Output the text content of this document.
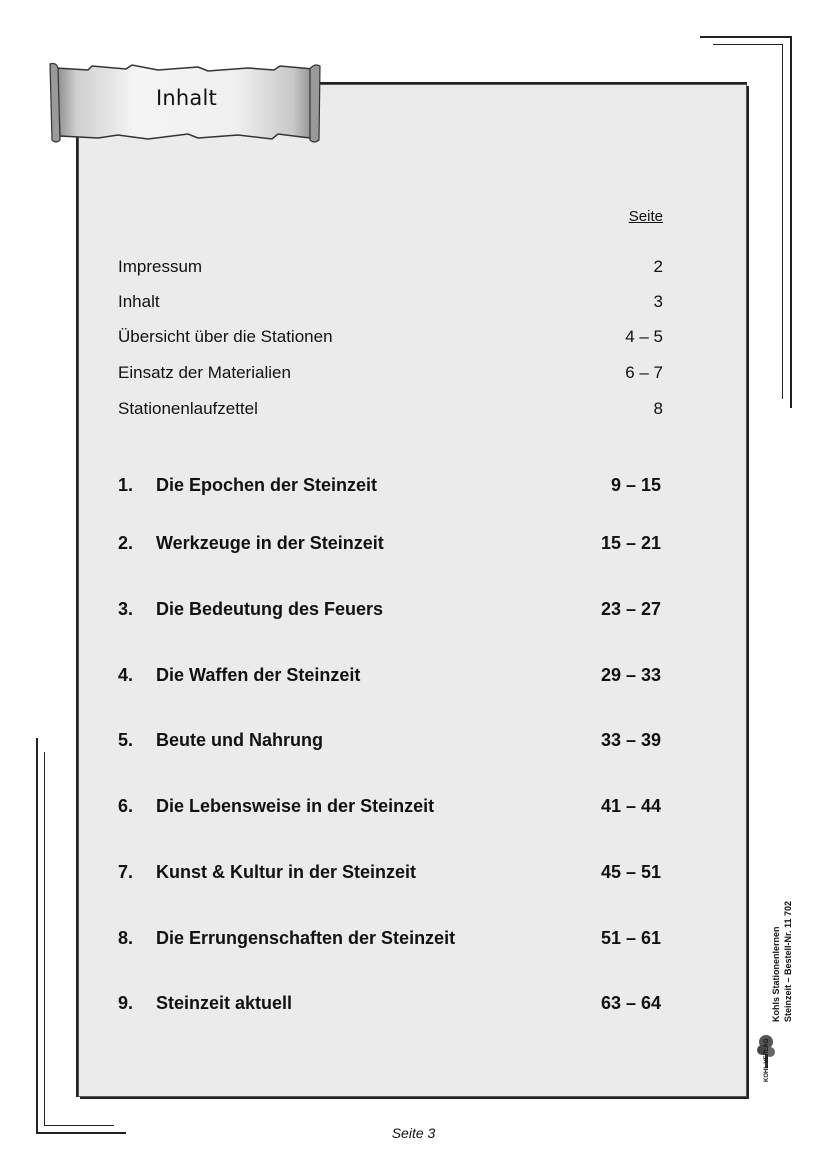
Inhalt
Seite
Impressum	2
Inhalt	3
Übersicht über die Stationen	4 – 5
Einsatz der Materialien	6 – 7
Stationenlaufzettel	8
1. Die Epochen der Steinzeit	9 – 15
2. Werkzeuge in der Steinzeit	15 – 21
3. Die Bedeutung des Feuers	23 – 27
4. Die Waffen der Steinzeit	29 – 33
5. Beute und Nahrung	33 – 39
6. Die Lebensweise in der Steinzeit	41 – 44
7. Kunst & Kultur in der Steinzeit	45 – 51
8. Die Errungenschaften der Steinzeit	51 – 61
9. Steinzeit aktuell	63 – 64	Kohls Stationenlernen Steinzeit – Bestell-Nr. 11 702
KOHL VERLAG
Seite 3
